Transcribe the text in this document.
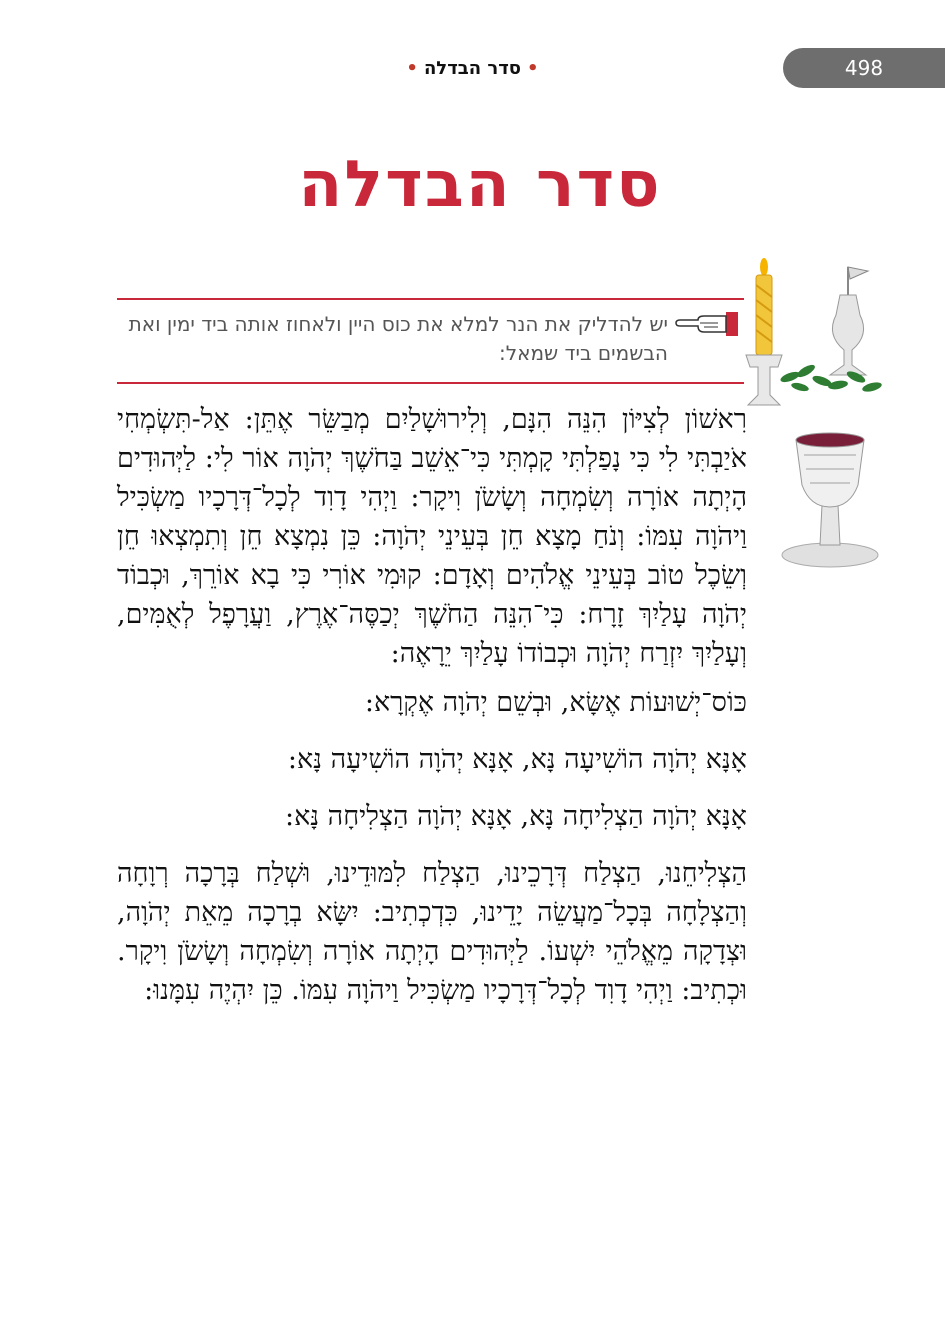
498
•סדר הבדלה•
סדר הבדלה
יש להדליק את הנר למלא את כוס היין ולאחוז אותה ביד ימין ואת הבשמים ביד שמאל:

רִאשׁוֹן לְצִיּוֹן הִנֵּה הִנָּם, וְלִירוּשָׁלַיִם מְבַשֵּׂר אֶתֵּן: אַל-תִּשְׂמְחִי אֹיַבְתִּי לִי כִּי נָפַלְתִּי קָמְתִּי כִּי־אֵשֵׁב בַּחֹשֶׁךְ יְהֹוָה אוֹר לִי: לַיְּהוּדִים הָיְתָה אוֹרָה וְשִׂמְחָה וְשָׂשֹׂן וִיקָר: וַיְהִי דָוִד לְכָל־דְּרָכָיו מַשְׂכִּיל וַיהֹוָה עִמּוֹ: וְנֹחַ מָצָא חֵן בְּעֵינֵי יְהֹוָה: כֵּן נִמְצָא חֵן וְתִמְצְאוּ חֵן וְשֵׂכֶל טוֹב בְּעֵינֵי אֱלֹהִים וְאָדָם: קוּמִי אוֹרִי כִּי בָא אוֹרֵךְ, וּכְבוֹד יְהֹוָה עָלַיִךְ זָרָח: כִּי־הִנֵּה הַחֹשֶׁךְ יְכַסֶּה־אֶרֶץ, וַעֲרָפֶל לְאֻמִּים, וְעָלַיִךְ יִזְרַח יְהֹוָה וּכְבוֹדוֹ עָלַיִךְ יֵרָאֶה:

כּוֹס־יְשׁוּעוֹת אֶשָּׂא, וּבְשֵׁם יְהֹוָה אֶקְרָא:

אָנָּא יְהֹוָה הוֹשִׁיעָה נָּא, אָנָּא יְהֹוָה הוֹשִׁיעָה נָּא:

אָנָּא יְהֹוָה הַצְלִיחָה נָּא, אָנָּא יְהֹוָה הַצְלִיחָה נָּא:

הַצְלִיחֵנוּ, הַצְלַח דְּרָכֵינוּ, הַצְלַח לִמּוּדֵינוּ, וּשְׁלַח בְּרָכָה רְוָחָה וְהַצְלָחָה בְּכָל־מַעֲשֵׂה יָדֵינוּ, כִּדְכְתִיב: יִשָּׂא בְרָכָה מֵאֵת יְהֹוָה, וּצְדָקָה מֵאֱלֹהֵי יִשְׁעוֹ. לַיְּהוּדִים הָיְתָה אוֹרָה וְשִׂמְחָה וְשָׂשֹׂן וִיקָר. וּכְתִיב: וַיְהִי דָוִד לְכָל־דְּרָכָיו מַשְׂכִּיל וַיהֹוָה עִמּוֹ. כֵּן יִהְיֶה עִמָּנוּ:
